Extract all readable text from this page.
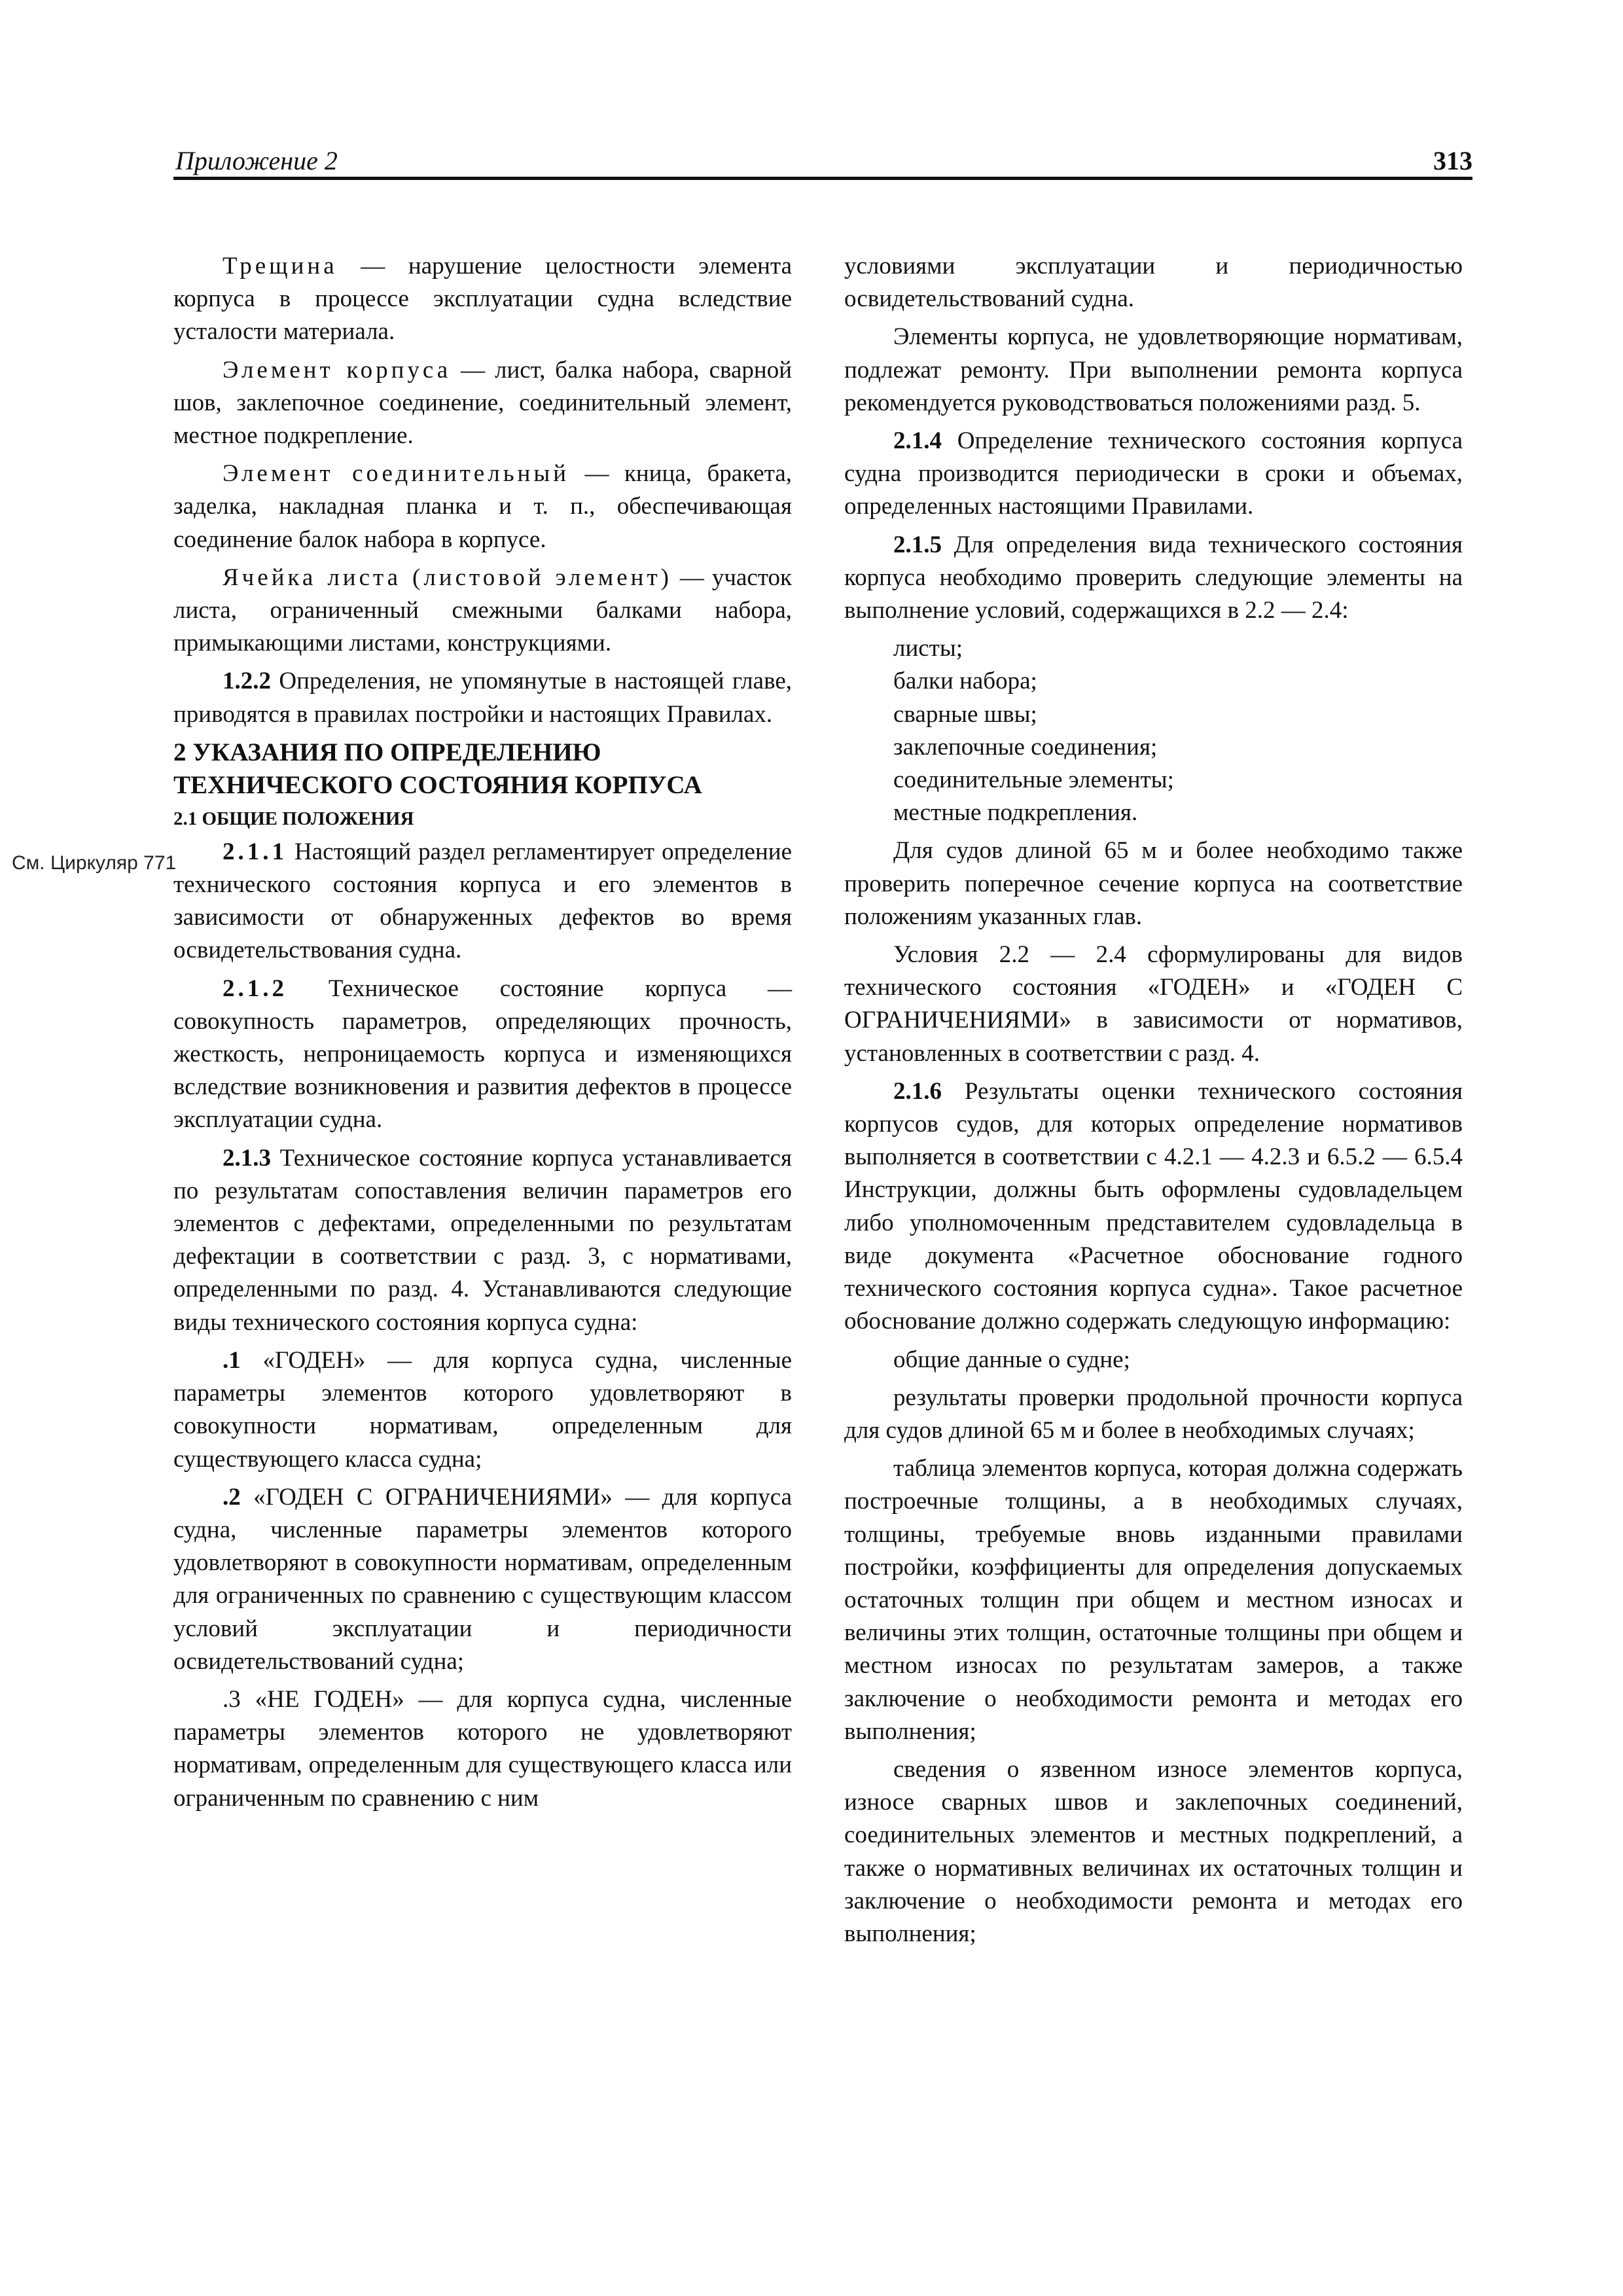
Приложение 2	313
См. Циркуляр 771

Трещина — нарушение целостности элемента корпуса в процессе эксплуатации судна вследствие усталости материала.

Элемент корпуса — лист, балка набора, сварной шов, заклепочное соединение, соединительный элемент, местное подкрепление.

Элемент соединительный — кница, бракета, заделка, накладная планка и т. п., обеспечивающая соединение балок набора в корпусе.

Ячейка листа (листовой элемент) — участок листа, ограниченный смежными балками набора, примыкающими листами, конструкциями.

1.2.2 Определения, не упомянутые в настоящей главе, приводятся в правилах постройки и настоящих Правилах.

2 УКАЗАНИЯ ПО ОПРЕДЕЛЕНИЮ
ТЕХНИЧЕСКОГО СОСТОЯНИЯ КОРПУСА

2.1 ОБЩИЕ ПОЛОЖЕНИЯ

2.1.1 Настоящий раздел регламентирует определение технического состояния корпуса и его элементов в зависимости от обнаруженных дефектов во время освидетельствования судна.

2.1.2 Техническое состояние корпуса — совокупность параметров, определяющих прочность, жесткость, непроницаемость корпуса и изменяющихся вследствие возникновения и развития дефектов в процессе эксплуатации судна.

2.1.3 Техническое состояние корпуса устанавливается по результатам сопоставления величин параметров его элементов с дефектами, определенными по результатам дефектации в соответствии с разд. 3, с нормативами, определенными по разд. 4. Устанавливаются следующие виды технического состояния корпуса судна:

.1 «ГОДЕН» — для корпуса судна, численные параметры элементов которого удовлетворяют в совокупности нормативам, определенным для существующего класса судна;

.2 «ГОДЕН С ОГРАНИЧЕНИЯМИ» — для корпуса судна, численные параметры элементов которого удовлетворяют в совокупности нормативам, определенным для ограниченных по сравнению с существующим классом условий эксплуатации и периодичности освидетельствований судна;

.3 «НЕ ГОДЕН» — для корпуса судна, численные параметры элементов которого не удовлетворяют нормативам, определенным для существующего класса или ограниченным по сравнению с ним

условиями эксплуатации и периодичностью освидетельствований судна.

Элементы корпуса, не удовлетворяющие нормативам, подлежат ремонту. При выполнении ремонта корпуса рекомендуется руководствоваться положениями разд. 5.

2.1.4 Определение технического состояния корпуса судна производится периодически в сроки и объемах, определенных настоящими Правилами.

2.1.5 Для определения вида технического состояния корпуса необходимо проверить следующие элементы на выполнение условий, содержащихся в 2.2 — 2.4:

листы;
балки набора;
сварные швы;
заклепочные соединения;
соединительные элементы;
местные подкрепления.

Для судов длиной 65 м и более необходимо также проверить поперечное сечение корпуса на соответствие положениям указанных глав.

Условия 2.2 — 2.4 сформулированы для видов технического состояния «ГОДЕН» и «ГОДЕН С ОГРАНИЧЕНИЯМИ» в зависимости от нормативов, установленных в соответствии с разд. 4.

2.1.6 Результаты оценки технического состояния корпусов судов, для которых определение нормативов выполняется в соответствии с 4.2.1 — 4.2.3 и 6.5.2 — 6.5.4 Инструкции, должны быть оформлены судовладельцем либо уполномоченным представителем судовладельца в виде документа «Расчетное обоснование годного технического состояния корпуса судна». Такое расчетное обоснование должно содержать следующую информацию:

общие данные о судне;

результаты проверки продольной прочности корпуса для судов длиной 65 м и более в необходимых случаях;

таблица элементов корпуса, которая должна содержать построечные толщины, а в необходимых случаях, толщины, требуемые вновь изданными правилами постройки, коэффициенты для определения допускаемых остаточных толщин при общем и местном износах и величины этих толщин, остаточные толщины при общем и местном износах по результатам замеров, а также заключение о необходимости ремонта и методах его выполнения;

сведения о язвенном износе элементов корпуса, износе сварных швов и заклепочных соединений, соединительных элементов и местных подкреплений, а также о нормативных величинах их остаточных толщин и заключение о необходимости ремонта и методах его выполнения;
